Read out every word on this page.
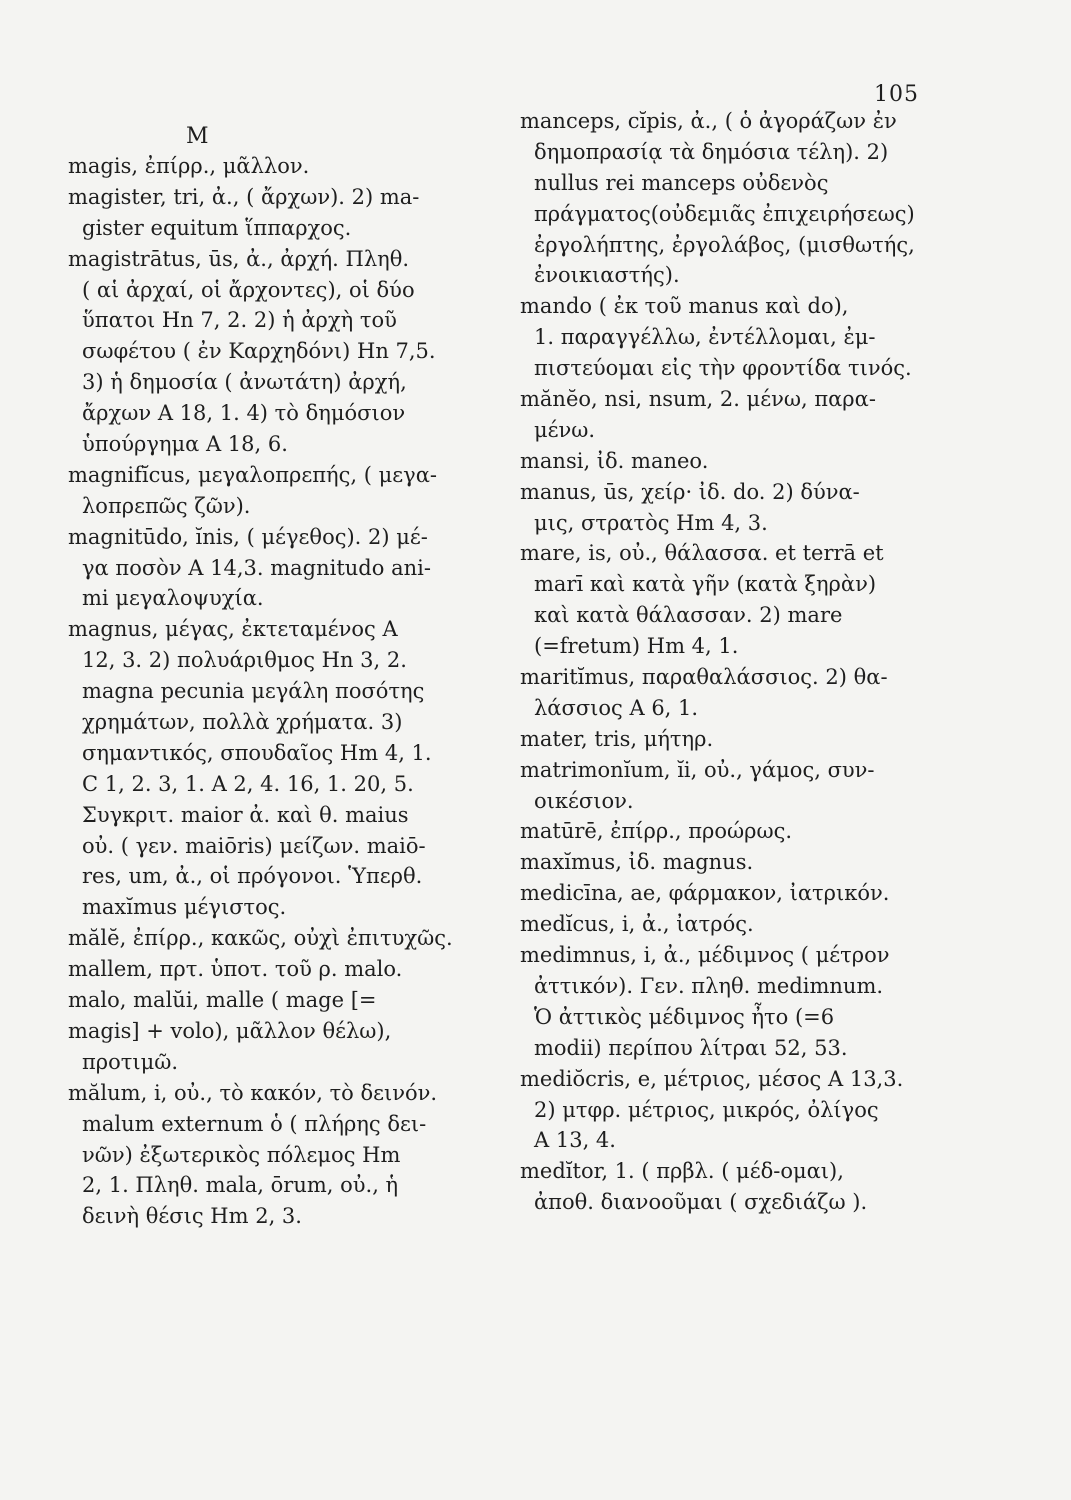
105
M
magis, ἐπίρρ., μᾶλλον.
magister, tri, ἀ., ( ἄρχων). 2) ma-
gister equitum ἵππαρχος.
magistrātus, ūs, ἀ., ἀρχή. Πληθ.
( αἱ ἀρχαί, οἱ ἄρχοντες), οἱ δύο
ὕπατοι Hn 7, 2. 2) ἡ ἀρχὴ τοῦ
σωφέτου ( ἐν Καρχηδόνι) Hn 7,5.
3) ἡ δημοσία ( ἀνωτάτη) ἀρχή,
ἄρχων A 18, 1. 4) τὸ δημόσιον
ὑπούργημα A 18, 6.
magnifĭcus, μεγαλοπρεπής, ( μεγα-
λοπρεπῶς ζῶν).
magnitūdo, ĭnis, ( μέγεθος). 2) μέ-
γα ποσὸν A 14,3. magnitudo ani-
mi μεγαλοψυχία.
magnus, μέγας, ἐκτεταμένος A
12, 3. 2) πολυάριθμος Hn 3, 2.
magna pecunia μεγάλη ποσότης
χρημάτων, πολλὰ χρήματα. 3)
σημαντικός, σπουδαῖος Hm 4, 1.
C 1, 2. 3, 1. A 2, 4. 16, 1. 20, 5.
Συγκριτ. maior ἀ. καὶ θ. maius
οὐ. ( γεν. maiōris) μείζων. maiō-
res, um, ἀ., οἱ πρόγονοι. Ὑπερθ.
maxĭmus μέγιστος.
mălĕ, ἐπίρρ., κακῶς, οὐχὶ ἐπιτυχῶς.
mallem, πρτ. ὑποτ. τοῦ ρ. malo.
malo, malŭi, malle ( mage [=
magis] + volo), μᾶλλον θέλω),
προτιμῶ.
mălum, i, οὐ., τὸ κακόν, τὸ δεινόν.
malum externum ὁ ( πλήρης δει-
νῶν) ἐξωτερικὸς πόλεμος Hm
2, 1. Πληθ. mala, ōrum, οὐ., ἡ
δεινὴ θέσις Hm 2, 3.
manceps, cĭpis, ἀ., ( ὁ ἀγοράζων ἐν
δημοπρασίᾳ τὰ δημόσια τέλη). 2)
nullus rei manceps οὐδενὸς
πράγματος(οὐδεμιᾶς ἐπιχειρήσεως)
ἐργολήπτης, ἐργολάβος, (μισθωτής,
ἐνοικιαστής).
mando ( ἐκ τοῦ manus καὶ do),
1. παραγγέλλω, ἐντέλλομαι, ἐμ-
πιστεύομαι εἰς τὴν φροντίδα τινός.
mănĕo, nsi, nsum, 2. μένω, παρα-
μένω.
mansi, ἰδ. maneo.
manus, ūs, χείρ· ἰδ. do. 2) δύνα-
μις, στρατὸς Hm 4, 3.
mare, is, οὐ., θάλασσα. et terrā et
marī καὶ κατὰ γῆν (κατὰ ξηρὰν)
καὶ κατὰ θάλασσαν. 2) mare
(=fretum) Hm 4, 1.
maritĭmus, παραθαλάσσιος. 2) θα-
λάσσιος A 6, 1.
mater, tris, μήτηρ.
matrimonĭum, ĭi, οὐ., γάμος, συν-
οικέσιον.
matūrē, ἐπίρρ., προώρως.
maxĭmus, ἰδ. magnus.
medicīna, ae, φάρμακον, ἰατρικόν.
medĭcus, i, ἀ., ἰατρός.
medimnus, i, ἀ., μέδιμνος ( μέτρον
ἀττικόν). Γεν. πληθ. medimnum.
Ὁ ἀττικὸς μέδιμνος ἦτο (=6
modii) περίπου λίτραι 52, 53.
mediŏcris, e, μέτριος, μέσος A 13,3.
2) μτφρ. μέτριος, μικρός, ὀλίγος
A 13, 4.
medĭtor, 1. ( πρβλ. ( μέδ-ομαι),
ἀποθ. διανοοῦμαι ( σχεδιάζω ).
